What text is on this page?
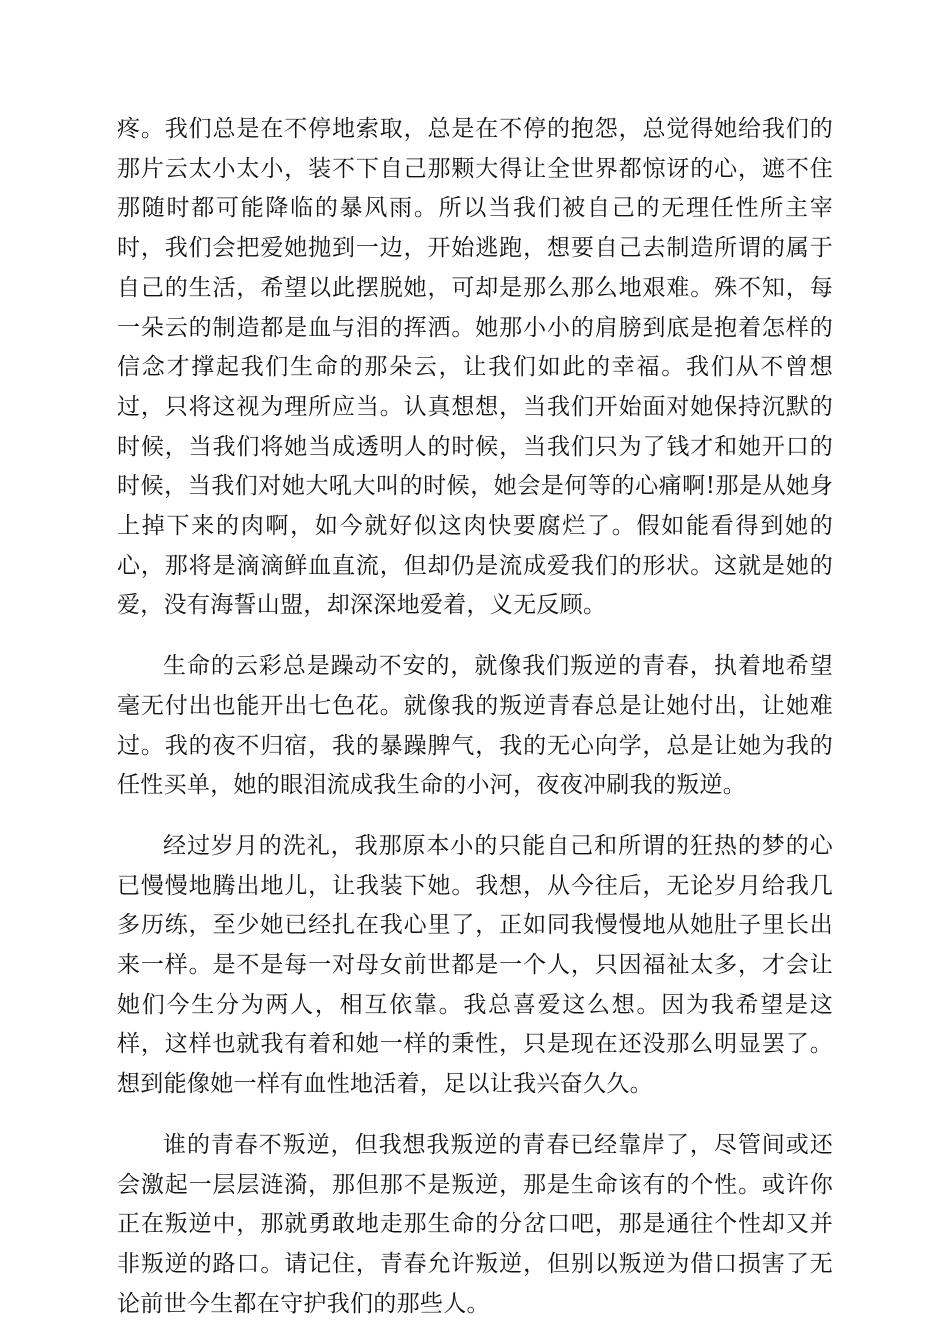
疼。我们总是在不停地索取，总是在不停的抱怨，总觉得她给我们的那片云太小太小，装不下自己那颗大得让全世界都惊讶的心，遮不住那随时都可能降临的暴风雨。所以当我们被自己的无理任性所主宰时，我们会把爱她抛到一边，开始逃跑，想要自己去制造所谓的属于自己的生活，希望以此摆脱她，可却是那么那么地艰难。殊不知，每一朵云的制造都是血与泪的挥洒。她那小小的肩膀到底是抱着怎样的信念才撑起我们生命的那朵云，让我们如此的幸福。我们从不曾想过，只将这视为理所应当。认真想想，当我们开始面对她保持沉默的时候，当我们将她当成透明人的时候，当我们只为了钱才和她开口的时候，当我们对她大吼大叫的时候，她会是何等的心痛啊!那是从她身上掉下来的肉啊，如今就好似这肉快要腐烂了。假如能看得到她的心，那将是滴滴鲜血直流，但却仍是流成爱我们的形状。这就是她的爱，没有海誓山盟，却深深地爱着，义无反顾。

生命的云彩总是躁动不安的，就像我们叛逆的青春，执着地希望毫无付出也能开出七色花。就像我的叛逆青春总是让她付出，让她难过。我的夜不归宿，我的暴躁脾气，我的无心向学，总是让她为我的任性买单，她的眼泪流成我生命的小河，夜夜冲刷我的叛逆。

经过岁月的洗礼，我那原本小的只能自己和所谓的狂热的梦的心已慢慢地腾出地儿，让我装下她。我想，从今往后，无论岁月给我几多历练，至少她已经扎在我心里了，正如同我慢慢地从她肚子里长出来一样。是不是每一对母女前世都是一个人，只因福祉太多，才会让她们今生分为两人，相互依靠。我总喜爱这么想。因为我希望是这样，这样也就我有着和她一样的秉性，只是现在还没那么明显罢了。想到能像她一样有血性地活着，足以让我兴奋久久。

谁的青春不叛逆，但我想我叛逆的青春已经靠岸了，尽管间或还会激起一层层涟漪，那但那不是叛逆，那是生命该有的个性。或许你正在叛逆中，那就勇敢地走那生命的分岔口吧，那是通往个性却又并非叛逆的路口。请记住，青春允许叛逆，但别以叛逆为借口损害了无论前世今生都在守护我们的那些人。
